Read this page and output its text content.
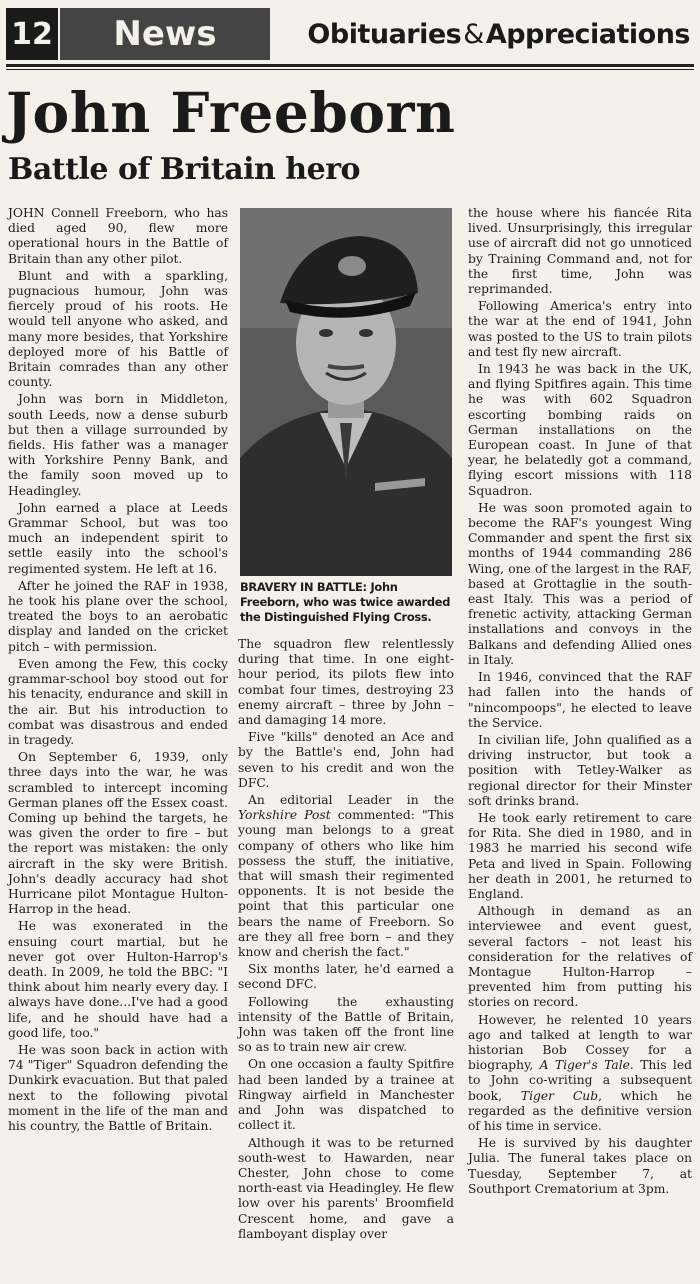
12	News	Obituaries & Appreciations
John Freeborn
Battle of Britain hero

JOHN Connell Freeborn, who has died aged 90, flew more operational hours in the Battle of Britain than any other pilot.

Blunt and with a sparkling, pugnacious humour, John was fiercely proud of his roots. He would tell anyone who asked, and many more besides, that Yorkshire deployed more of his Battle of Britain comrades than any other county.

John was born in Middleton, south Leeds, now a dense suburb but then a village surrounded by fields. His father was a manager with Yorkshire Penny Bank, and the family soon moved up to Headingley.

John earned a place at Leeds Grammar School, but was too much an independent spirit to settle easily into the school's regimented system. He left at 16.

After he joined the RAF in 1938, he took his plane over the school, treated the boys to an aerobatic display and landed on the cricket pitch – with permission.

Even among the Few, this cocky grammar-school boy stood out for his tenacity, endurance and skill in the air. But his introduction to combat was disastrous and ended in tragedy.

On September 6, 1939, only three days into the war, he was scrambled to intercept incoming German planes off the Essex coast. Coming up behind the targets, he was given the order to fire – but the report was mistaken: the only aircraft in the sky were British. John's deadly accuracy had shot Hurricane pilot Montague Hulton-Harrop in the head.

He was exonerated in the ensuing court martial, but he never got over Hulton-Harrop's death. In 2009, he told the BBC: "I think about him nearly every day. I always have done...I've had a good life, and he should have had a good life, too."

He was soon back in action with 74 "Tiger" Squadron defending the Dunkirk evacuation. But that paled next to the following pivotal moment in the life of the man and his country, the Battle of Britain.

BRAVERY IN BATTLE: John Freeborn, who was twice awarded the Distinguished Flying Cross.

The squadron flew relentlessly during that time. In one eight-hour period, its pilots flew into combat four times, destroying 23 enemy aircraft – three by John – and damaging 14 more.

Five "kills" denoted an Ace and by the Battle's end, John had seven to his credit and won the DFC.

An editorial Leader in the Yorkshire Post commented: "This young man belongs to a great company of others who like him possess the stuff, the initiative, that will smash their regimented opponents. It is not beside the point that this particular one bears the name of Freeborn. So are they all free born – and they know and cherish the fact."

Six months later, he'd earned a second DFC.

Following the exhausting intensity of the Battle of Britain, John was taken off the front line so as to train new air crew.

On one occasion a faulty Spitfire had been landed by a trainee at Ringway airfield in Manchester and John was dispatched to collect it.

Although it was to be returned south-west to Hawarden, near Chester, John chose to come north-east via Headingley. He flew low over his parents' Broomfield Crescent home, and gave a flamboyant display over

the house where his fiancée Rita lived. Unsurprisingly, this irregular use of aircraft did not go unnoticed by Training Command and, not for the first time, John was reprimanded.

Following America's entry into the war at the end of 1941, John was posted to the US to train pilots and test fly new aircraft.

In 1943 he was back in the UK, and flying Spitfires again. This time he was with 602 Squadron escorting bombing raids on German installations on the European coast. In June of that year, he belatedly got a command, flying escort missions with 118 Squadron.

He was soon promoted again to become the RAF's youngest Wing Commander and spent the first six months of 1944 commanding 286 Wing, one of the largest in the RAF, based at Grottaglie in the south-east Italy. This was a period of frenetic activity, attacking German installations and convoys in the Balkans and defending Allied ones in Italy.

In 1946, convinced that the RAF had fallen into the hands of "nincompoops", he elected to leave the Service.

In civilian life, John qualified as a driving instructor, but took a position with Tetley-Walker as regional director for their Minster soft drinks brand.

He took early retirement to care for Rita. She died in 1980, and in 1983 he married his second wife Peta and lived in Spain. Following her death in 2001, he returned to England.

Although in demand as an interviewee and event guest, several factors – not least his consideration for the relatives of Montague Hulton-Harrop – prevented him from putting his stories on record.

However, he relented 10 years ago and talked at length to war historian Bob Cossey for a biography, A Tiger's Tale. This led to John co-writing a subsequent book, Tiger Cub, which he regarded as the definitive version of his time in service.

He is survived by his daughter Julia. The funeral takes place on Tuesday, September 7, at Southport Crematorium at 3pm.
